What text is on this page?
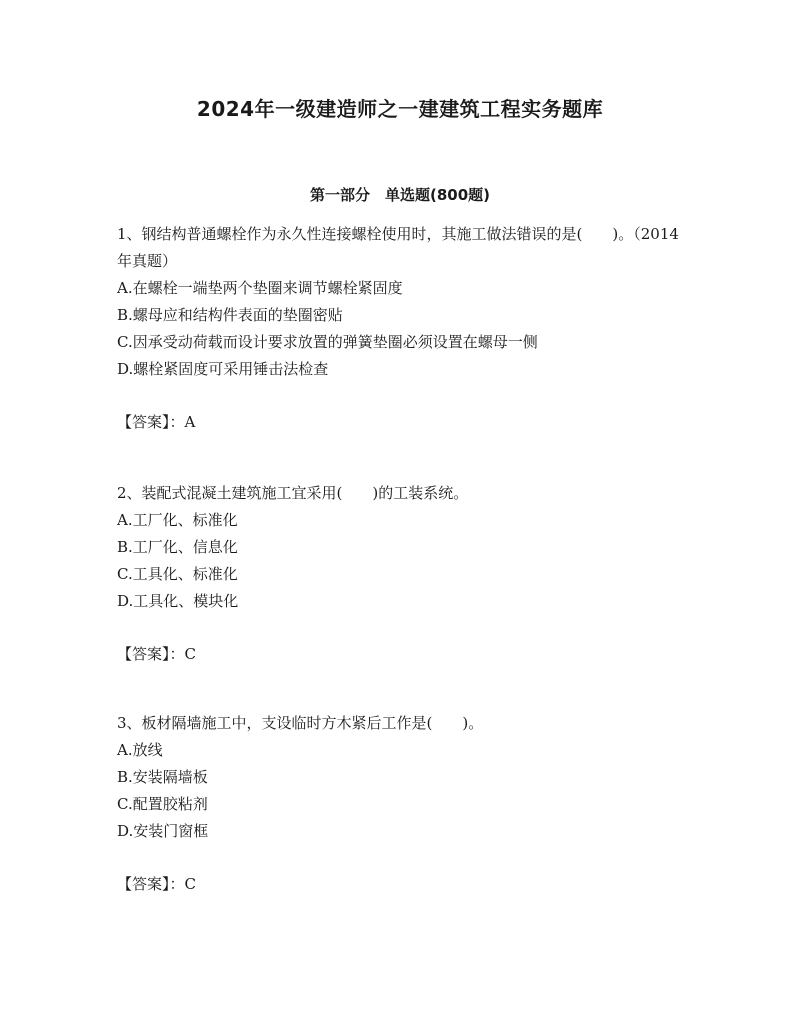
2024年一级建造师之一建建筑工程实务题库
第一部分　单选题(800题)
1、钢结构普通螺栓作为永久性连接螺栓使用时，其施工做法错误的是(　　)。（2014 年真题）
A.在螺栓一端垫两个垫圈来调节螺栓紧固度
B.螺母应和结构件表面的垫圈密贴
C.因承受动荷载而设计要求放置的弹簧垫圈必须设置在螺母一侧
D.螺栓紧固度可采用锤击法检查
【答案】：A
2、装配式混凝土建筑施工宜采用(　　)的工装系统。
A.工厂化、标准化
B.工厂化、信息化
C.工具化、标准化
D.工具化、模块化
【答案】：C
3、板材隔墙施工中，支设临时方木紧后工作是(　　)。
A.放线
B.安装隔墙板
C.配置胶粘剂
D.安装门窗框
【答案】：C
